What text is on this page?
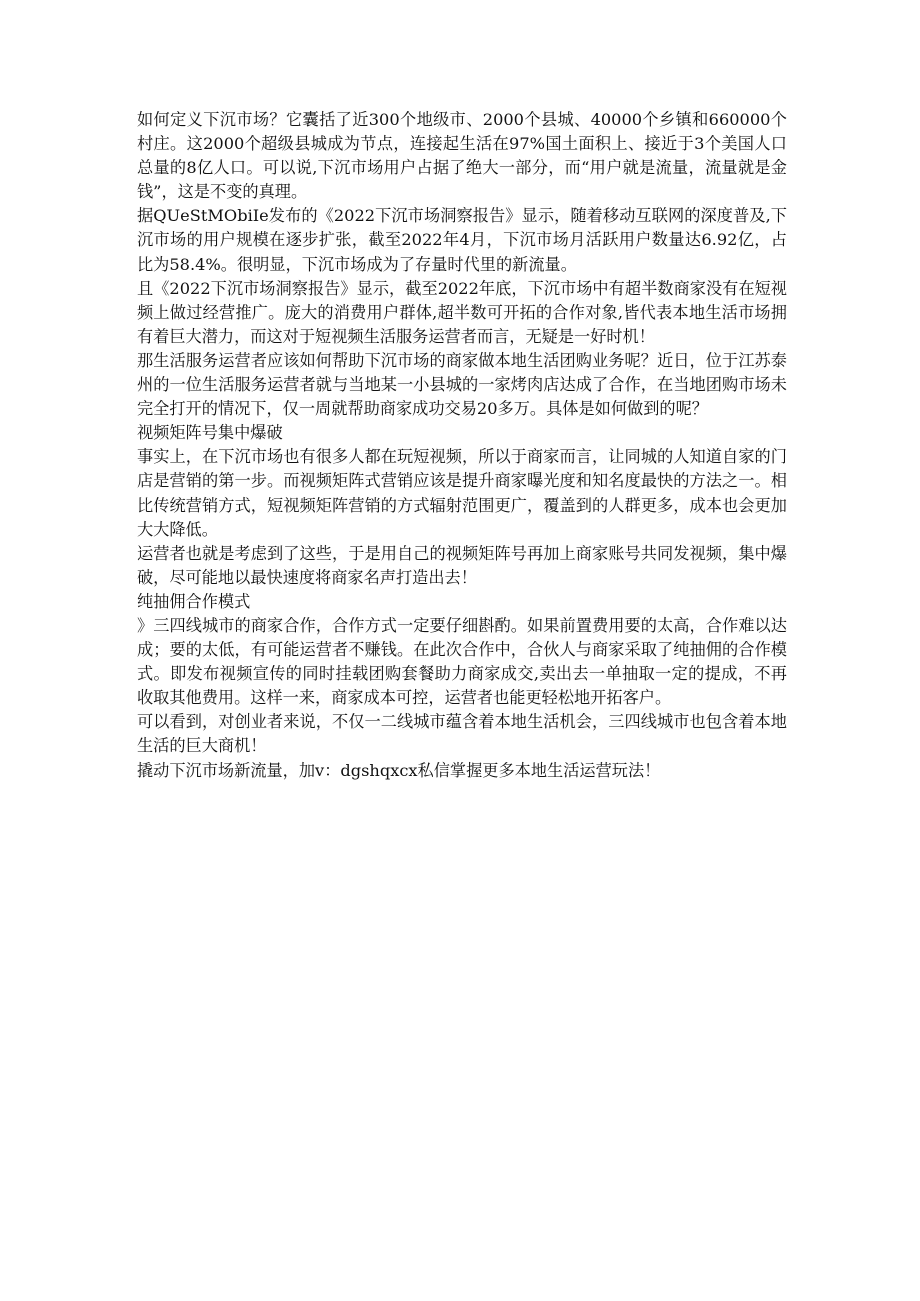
如何定义下沉市场？它囊括了近300个地级市、2000个县城、40000个乡镇和660000个村庄。这2000个超级县城成为节点，连接起生活在97%国土面积上、接近于3个美国人口总量的8亿人口。可以说,下沉市场用户占据了绝大一部分，而“用户就是流量，流量就是金钱”，这是不变的真理。

据QUeStMObiIe发布的《2022下沉市场洞察报告》显示，随着移动互联网的深度普及,下沉市场的用户规模在逐步扩张，截至2022年4月，下沉市场月活跃用户数量达6.92亿，占比为58.4%。很明显，下沉市场成为了存量时代里的新流量。

且《2022下沉市场洞察报告》显示，截至2022年底，下沉市场中有超半数商家没有在短视频上做过经营推广。庞大的消费用户群体,超半数可开拓的合作对象,皆代表本地生活市场拥有着巨大潜力，而这对于短视频生活服务运营者而言，无疑是一好时机！

那生活服务运营者应该如何帮助下沉市场的商家做本地生活团购业务呢？近日，位于江苏泰州的一位生活服务运营者就与当地某一小县城的一家烤肉店达成了合作，在当地团购市场未完全打开的情况下，仅一周就帮助商家成功交易20多万。具体是如何做到的呢？

视频矩阵号集中爆破

事实上，在下沉市场也有很多人都在玩短视频，所以于商家而言，让同城的人知道自家的门店是营销的第一步。而视频矩阵式营销应该是提升商家曝光度和知名度最快的方法之一。相比传统营销方式，短视频矩阵营销的方式辐射范围更广，覆盖到的人群更多，成本也会更加大大降低。

运营者也就是考虑到了这些，于是用自己的视频矩阵号再加上商家账号共同发视频，集中爆破，尽可能地以最快速度将商家名声打造出去！

纯抽佣合作模式

》三四线城市的商家合作，合作方式一定要仔细斟酌。如果前置费用要的太高，合作难以达成；要的太低，有可能运营者不赚钱。在此次合作中，合伙人与商家采取了纯抽佣的合作模式。即发布视频宣传的同时挂载团购套餐助力商家成交,卖出去一单抽取一定的提成，不再收取其他费用。这样一来，商家成本可控，运营者也能更轻松地开拓客户。

可以看到，对创业者来说，不仅一二线城市蕴含着本地生活机会，三四线城市也包含着本地生活的巨大商机！

撬动下沉市场新流量，加v：dgshqxcx私信掌握更多本地生活运营玩法！
